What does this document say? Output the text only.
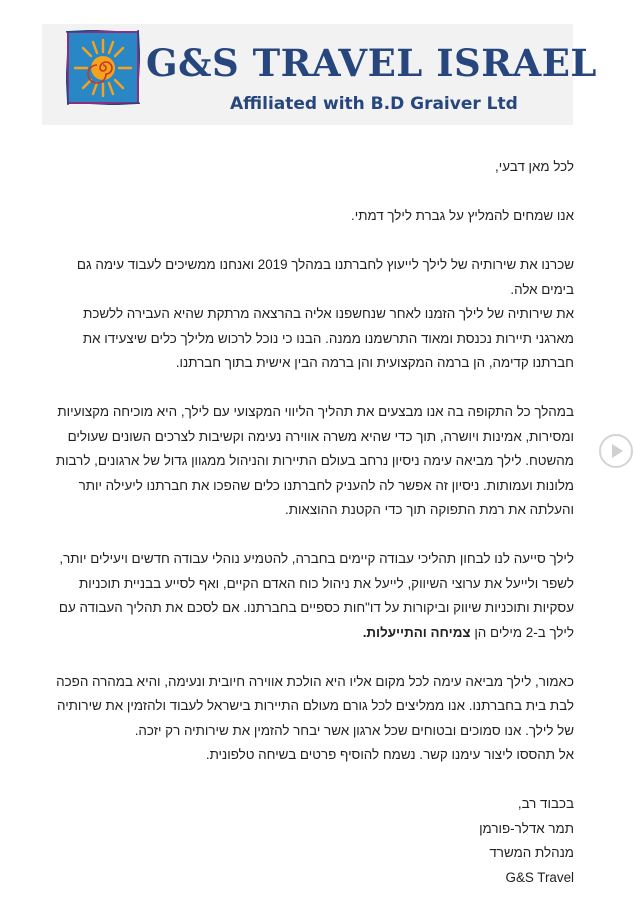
G&S TRAVEL ISRAEL
Affiliated with B.D Graiver Ltd

לכל מאן דבעי,

אנו שמחים להמליץ על גברת לילך דמתי.

שכרנו את שירותיה של לילך לייעוץ לחברתנו במהלך 2019 ואנחנו ממשיכים לעבוד עימה גם

בימים אלה.

את שירותיה של לילך הזמנו לאחר שנחשפנו אליה בהרצאה מרתקת שהיא העבירה ללשכת

מארגני תיירות נכנסת ומאוד התרשמנו ממנה. הבנו כי נוכל לרכוש מלילך כלים שיצעידו את

חברתנו קדימה, הן ברמה המקצועית והן ברמה הבין אישית בתוך חברתנו.

במהלך כל התקופה בה אנו מבצעים את תהליך הליווי המקצועי עם לילך, היא מוכיחה מקצועיות

ומסירות, אמינות ויושרה, תוך כדי שהיא משרה אווירה נעימה וקשיבות לצרכים השונים שעולים

מהשטח. לילך מביאה עימה ניסיון נרחב בעולם התיירות והניהול ממגוון גדול של ארגונים, לרבות

מלונות ועמותות. ניסיון זה אפשר לה להעניק לחברתנו כלים שהפכו את חברתנו ליעילה יותר

והעלתה את רמת התפוקה תוך כדי הקטנת ההוצאות.

לילך סייעה לנו לבחון תהליכי עבודה קיימים בחברה, להטמיע נוהלי עבודה חדשים ויעילים יותר,

לשפר ולייעל את ערוצי השיווק, לייעל את ניהול כוח האדם הקיים, ואף לסייע בבניית תוכניות

עסקיות ותוכניות שיווק וביקורות על דו"חות כספיים בחברתנו. אם לסכם את תהליך העבודה עם

לילך ב-2 מילים הן צמיחה והתייעלות.

כאמור, לילך מביאה עימה לכל מקום אליו היא הולכת אווירה חיובית ונעימה, והיא במהרה הפכה

לבת בית בחברתנו. אנו ממליצים לכל גורם מעולם התיירות בישראל לעבוד ולהזמין את שירותיה

של לילך. אנו סמוכים ובטוחים שכל ארגון אשר יבחר להזמין את שירותיה רק יזכה.

אל תהססו ליצור עימנו קשר. נשמח להוסיף פרטים בשיחה טלפונית.

בכבוד רב,

תמר אדלר-פורמן

מנהלת המשרד

G&S Travel
